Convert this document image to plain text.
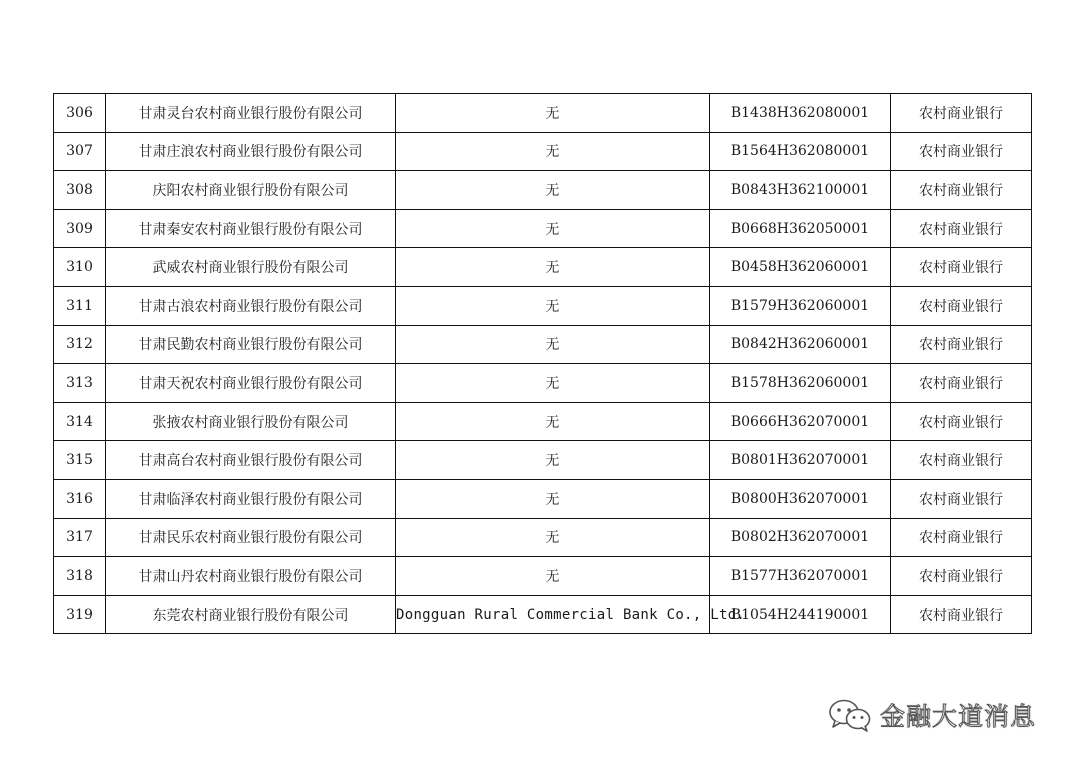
306	甘肃灵台农村商业银行股份有限公司	无	B1438H362080001	农村商业银行
307	甘肃庄浪农村商业银行股份有限公司	无	B1564H362080001	农村商业银行
308	庆阳农村商业银行股份有限公司	无	B0843H362100001	农村商业银行
309	甘肃秦安农村商业银行股份有限公司	无	B0668H362050001	农村商业银行
310	武威农村商业银行股份有限公司	无	B0458H362060001	农村商业银行
311	甘肃古浪农村商业银行股份有限公司	无	B1579H362060001	农村商业银行
312	甘肃民勤农村商业银行股份有限公司	无	B0842H362060001	农村商业银行
313	甘肃天祝农村商业银行股份有限公司	无	B1578H362060001	农村商业银行
314	张掖农村商业银行股份有限公司	无	B0666H362070001	农村商业银行
315	甘肃高台农村商业银行股份有限公司	无	B0801H362070001	农村商业银行
316	甘肃临泽农村商业银行股份有限公司	无	B0800H362070001	农村商业银行
317	甘肃民乐农村商业银行股份有限公司	无	B0802H362070001	农村商业银行
318	甘肃山丹农村商业银行股份有限公司	无	B1577H362070001	农村商业银行
319	东莞农村商业银行股份有限公司	Dongguan Rural Commercial Bank Co., Ltd.	B1054H244190001	农村商业银行
金融大道消息
